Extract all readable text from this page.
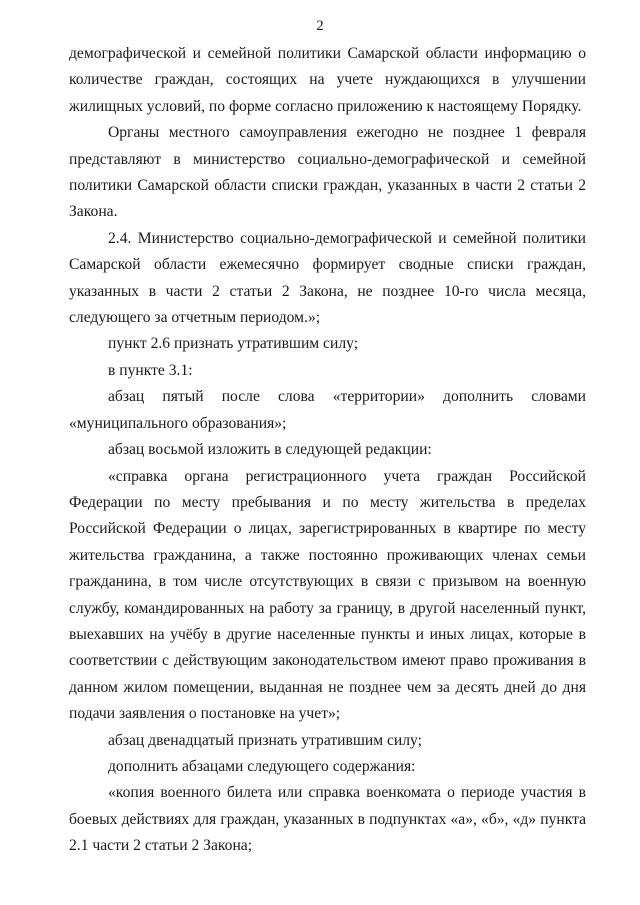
2

демографической и семейной политики Самарской области информацию о количестве граждан, состоящих на учете нуждающихся в улучшении жилищных условий, по форме согласно приложению к настоящему Порядку.

Органы местного самоуправления ежегодно не позднее 1 февраля представляют в министерство социально-демографической и семейной политики Самарской области списки граждан, указанных в части 2 статьи 2 Закона.

2.4. Министерство социально-демографической и семейной политики Самарской области ежемесячно формирует сводные списки граждан, указанных в части 2 статьи 2 Закона, не позднее 10-го числа месяца, следующего за отчетным периодом.»;

пункт 2.6 признать утратившим силу;

в пункте 3.1:

абзац пятый после слова «территории» дополнить словами «муниципального образования»;

абзац восьмой изложить в следующей редакции:

«справка органа регистрационного учета граждан Российской Федерации по месту пребывания и по месту жительства в пределах Российской Федерации о лицах, зарегистрированных в квартире по месту жительства гражданина, а также постоянно проживающих членах семьи гражданина, в том числе отсутствующих в связи с призывом на военную службу, командированных на работу за границу, в другой населенный пункт, выехавших на учёбу в другие населенные пункты и иных лицах, которые в соответствии с действующим законодательством имеют право проживания в данном жилом помещении, выданная не позднее чем за десять дней до дня подачи заявления о постановке на учет»;

абзац двенадцатый признать утратившим силу;

дополнить абзацами следующего содержания:

«копия военного билета или справка военкомата о периоде участия в боевых действиях для граждан, указанных в подпунктах «а», «б», «д» пункта 2.1 части 2 статьи 2 Закона;
